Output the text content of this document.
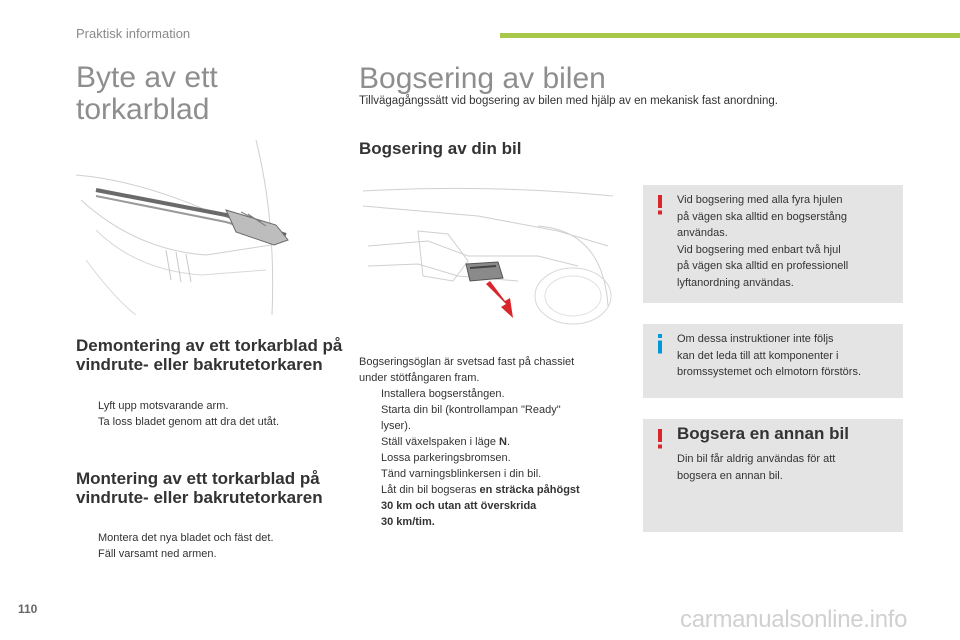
Praktisk information
Byte av ett torkarblad
Bogsering av bilen

Tillvägagångssätt vid bogsering av bilen med hjälp av en mekanisk fast anordning.

Demontering av ett torkarblad på vindrute- eller bakrutetorkaren
Lyft upp motsvarande arm.
Ta loss bladet genom att dra det utåt.
Montering av ett torkarblad på vindrute- eller bakrutetorkaren
Montera det nya bladet och fäst det.
Fäll varsamt ned armen.
Bogsering av din bil
Bogseringsöglan är svetsad fast på chassiet
under stötfångaren fram.
Installera bogserstången.
Starta din bil (kontrollampan "Ready"
lyser).
Ställ växelspaken i läge N.
Lossa parkeringsbromsen.
Tänd varningsblinkersen i din bil.
Låt din bil bogseras en sträcka påhögst
30 km och utan att överskrida
30 km/tim.
Vid bogsering med alla fyra hjulen
på vägen ska alltid en bogserstång
användas.
Vid bogsering med enbart två hjul
på vägen ska alltid en professionell
lyftanordning användas.
Om dessa instruktioner inte följs
kan det leda till att komponenter i
bromssystemet och elmotorn förstörs.
Bogsera en annan bil
Din bil får aldrig användas för att
bogsera en annan bil.
110	carmanualsonline.info
